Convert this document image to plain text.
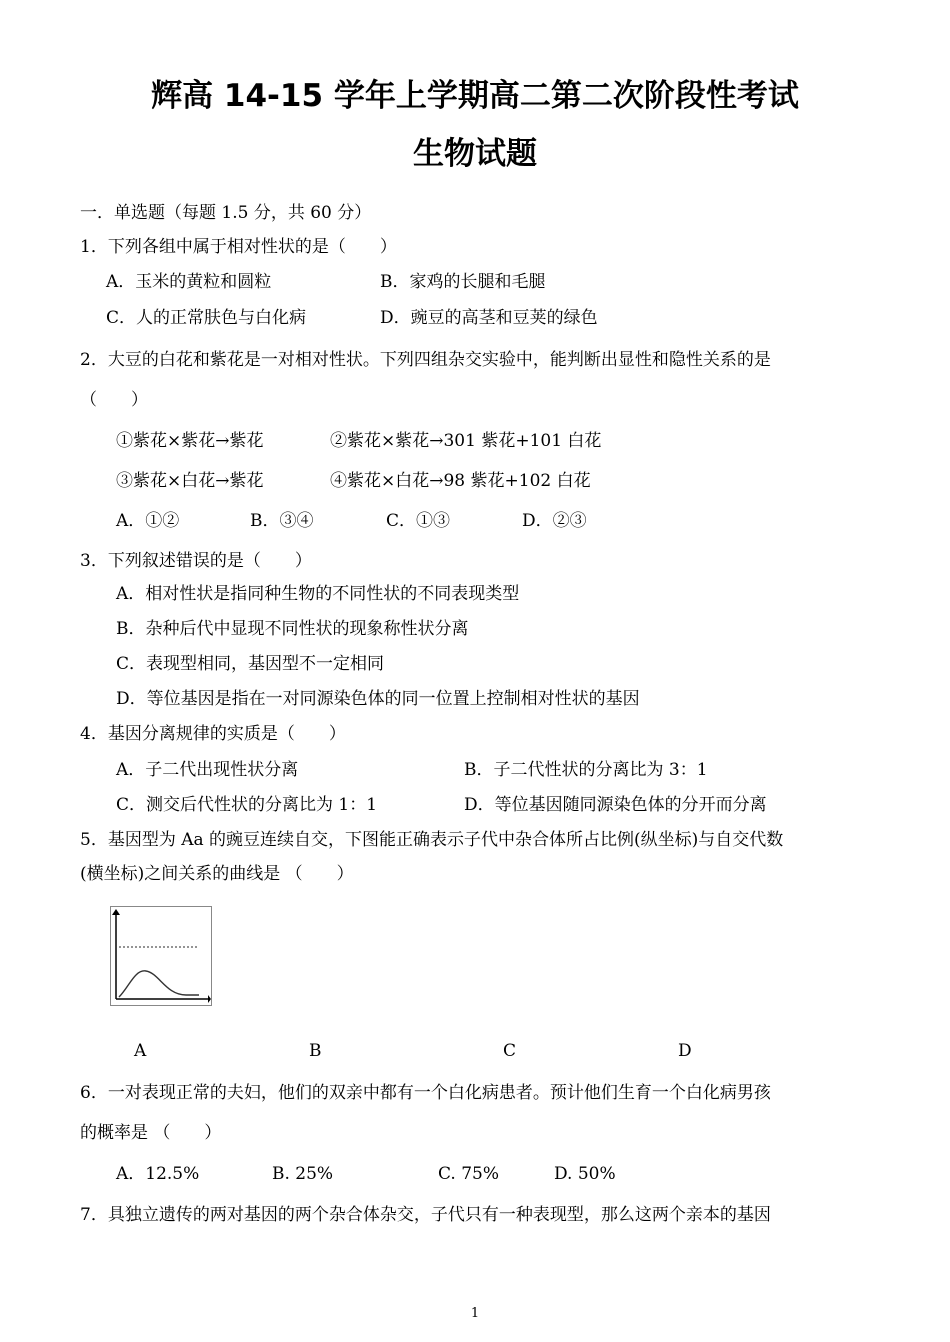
辉高 14-15 学年上学期高二第二次阶段性考试
生物试题
一．单选题（每题 1.5 分，共 60 分）
1．下列各组中属于相对性状的是（　　）
A．玉米的黄粒和圆粒	B．家鸡的长腿和毛腿
C．人的正常肤色与白化病	D．豌豆的高茎和豆荚的绿色
2．大豆的白花和紫花是一对相对性状。下列四组杂交实验中，能判断出显性和隐性关系的是
（　　）
①紫花×紫花→紫花	②紫花×紫花→301 紫花+101 白花
③紫花×白花→紫花	④紫花×白花→98 紫花+102 白花
A．①②	B．③④	C．①③	D．②③
3．下列叙述错误的是（　　）
A．相对性状是指同种生物的不同性状的不同表现类型
B．杂种后代中显现不同性状的现象称性状分离
C．表现型相同，基因型不一定相同
D．等位基因是指在一对同源染色体的同一位置上控制相对性状的基因
4．基因分离规律的实质是（　　）
A．子二代出现性状分离	B．子二代性状的分离比为 3：1
C．测交后代性状的分离比为 1：1	D．等位基因随同源染色体的分开而分离
5．基因型为 Aa 的豌豆连续自交，下图能正确表示子代中杂合体所占比例(纵坐标)与自交代数
(横坐标)之间关系的曲线是 （　　）
A	B	C	D
6．一对表现正常的夫妇，他们的双亲中都有一个白化病患者。预计他们生育一个白化病男孩
的概率是 （　　）
A．12.5%	B. 25%	C. 75%	D. 50%
7．具独立遗传的两对基因的两个杂合体杂交，子代只有一种表现型，那么这两个亲本的基因
1
